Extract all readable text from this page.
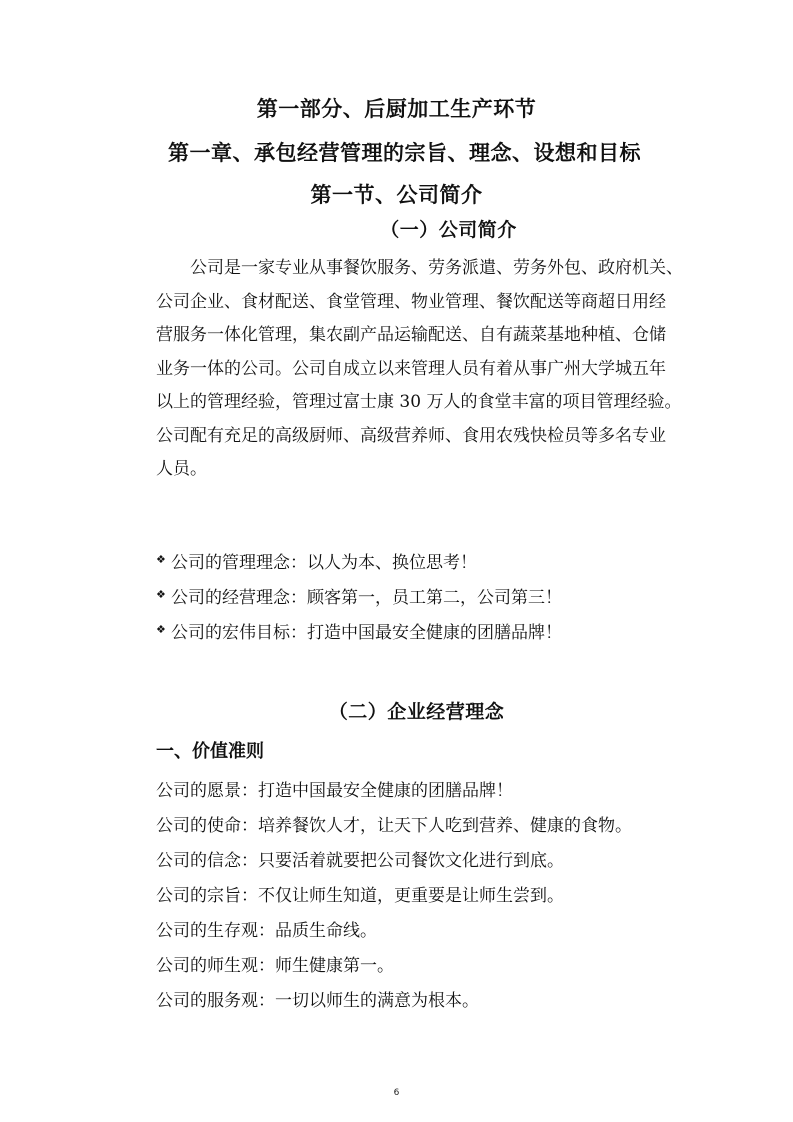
第一部分、后厨加工生产环节
第一章、承包经营管理的宗旨、理念、设想和目标
第一节、公司简介
（一）公司简介
公司是一家专业从事餐饮服务、劳务派遣、劳务外包、政府机关、
公司企业、食材配送、食堂管理、物业管理、餐饮配送等商超日用经
营服务一体化管理，集农副产品运输配送、自有蔬菜基地种植、仓储
业务一体的公司。公司自成立以来管理人员有着从事广州大学城五年
以上的管理经验，管理过富士康 30 万人的食堂丰富的项目管理经验。
公司配有充足的高级厨师、高级营养师、食用农残快检员等多名专业
人员。
❖ 公司的管理理念：以人为本、换位思考！
❖ 公司的经营理念：顾客第一，员工第二，公司第三！
❖ 公司的宏伟目标：打造中国最安全健康的团膳品牌！
（二）企业经营理念
一、价值准则
公司的愿景：打造中国最安全健康的团膳品牌！
公司的使命：培养餐饮人才，让天下人吃到营养、健康的食物。
公司的信念：只要活着就要把公司餐饮文化进行到底。
公司的宗旨：不仅让师生知道，更重要是让师生尝到。
公司的生存观：品质生命线。
公司的师生观：师生健康第一。
公司的服务观：一切以师生的满意为根本。
6
